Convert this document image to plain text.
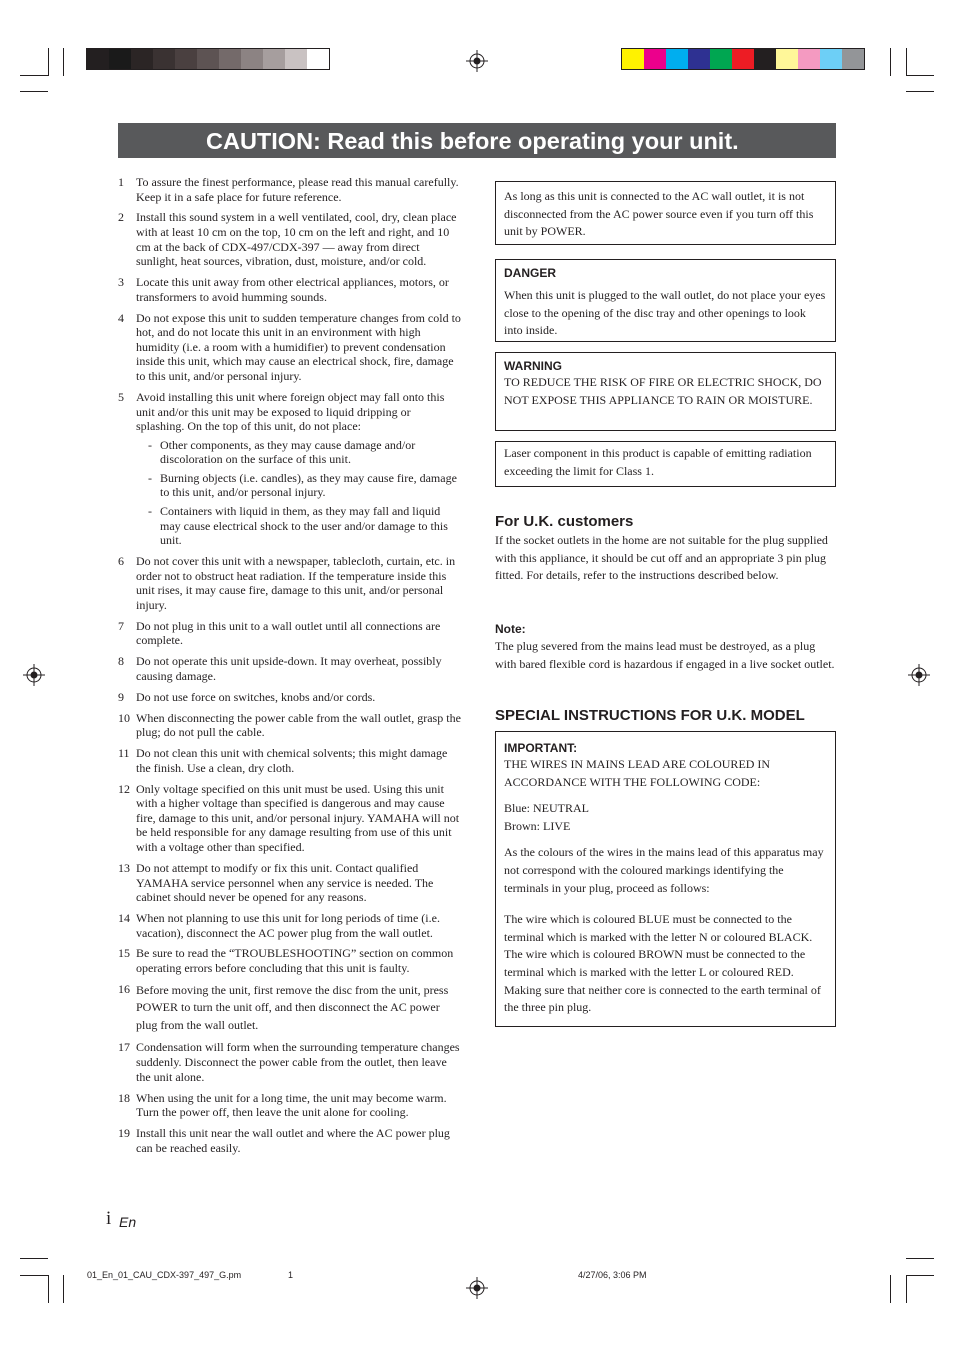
CAUTION: Read this before operating your unit.
1	To assure the finest performance, please read this manual carefully. Keep it in a safe place for future reference.
2	Install this sound system in a well ventilated, cool, dry, clean place with at least 10 cm on the top, 10 cm on the left and right, and 10 cm at the back of CDX-497/CDX-397 — away from direct sunlight, heat sources, vibration, dust, moisture, and/or cold.
3	Locate this unit away from other electrical appliances, motors, or transformers to avoid humming sounds.
4	Do not expose this unit to sudden temperature changes from cold to hot, and do not locate this unit in an environment with high humidity (i.e. a room with a humidifier) to prevent condensation inside this unit, which may cause an electrical shock, fire, damage to this unit, and/or personal injury.
5	Avoid installing this unit where foreign object may fall onto this unit and/or this unit may be exposed to liquid dripping or splashing. On the top of this unit, do not place:
- Other components, as they may cause damage and/or discoloration on the surface of this unit.
- Burning objects (i.e. candles), as they may cause fire, damage to this unit, and/or personal injury.
- Containers with liquid in them, as they may fall and liquid may cause electrical shock to the user and/or damage to this unit.
6	Do not cover this unit with a newspaper, tablecloth, curtain, etc. in order not to obstruct heat radiation. If the temperature inside this unit rises, it may cause fire, damage to this unit, and/or personal injury.
7	Do not plug in this unit to a wall outlet until all connections are complete.
8	Do not operate this unit upside-down. It may overheat, possibly causing damage.
9	Do not use force on switches, knobs and/or cords.
10 When disconnecting the power cable from the wall outlet, grasp the plug; do not pull the cable.
11 Do not clean this unit with chemical solvents; this might damage the finish. Use a clean, dry cloth.
12 Only voltage specified on this unit must be used. Using this unit with a higher voltage than specified is dangerous and may cause fire, damage to this unit, and/or personal injury. YAMAHA will not be held responsible for any damage resulting from use of this unit with a voltage other than specified.
13 Do not attempt to modify or fix this unit. Contact qualified YAMAHA service personnel when any service is needed. The cabinet should never be opened for any reasons.
14 When not planning to use this unit for long periods of time (i.e. vacation), disconnect the AC power plug from the wall outlet.
15 Be sure to read the “TROUBLESHOOTING” section on common operating errors before concluding that this unit is faulty.
16 Before moving the unit, first remove the disc from the unit, press POWER to turn the unit off, and then disconnect the AC power plug from the wall outlet.
17 Condensation will form when the surrounding temperature changes suddenly. Disconnect the power cable from the outlet, then leave the unit alone.
18 When using the unit for a long time, the unit may become warm. Turn the power off, then leave the unit alone for cooling.
19 Install this unit near the wall outlet and where the AC power plug can be reached easily.
As long as this unit is connected to the AC wall outlet, it is not disconnected from the AC power source even if you turn off this unit by POWER.
DANGER
When this unit is plugged to the wall outlet, do not place your eyes close to the opening of the disc tray and other openings to look into inside.
WARNING
TO REDUCE THE RISK OF FIRE OR ELECTRIC SHOCK, DO NOT EXPOSE THIS APPLIANCE TO RAIN OR MOISTURE.
Laser component in this product is capable of emitting radiation exceeding the limit for Class 1.
For U.K. customers
If the socket outlets in the home are not suitable for the plug supplied with this appliance, it should be cut off and an appropriate 3 pin plug fitted. For details, refer to the instructions described below.
Note:
The plug severed from the mains lead must be destroyed, as a plug with bared flexible cord is hazardous if engaged in a live socket outlet.
SPECIAL INSTRUCTIONS FOR U.K. MODEL
IMPORTANT:
THE WIRES IN MAINS LEAD ARE COLOURED IN ACCORDANCE WITH THE FOLLOWING CODE:
Blue: NEUTRAL
Brown: LIVE
As the colours of the wires in the mains lead of this apparatus may not correspond with the coloured markings identifying the terminals in your plug, proceed as follows:
The wire which is coloured BLUE must be connected to the terminal which is marked with the letter N or coloured BLACK. The wire which is coloured BROWN must be connected to the terminal which is marked with the letter L or coloured RED. Making sure that neither core is connected to the earth terminal of the three pin plug.
i En
01_En_01_CAU_CDX-397_497_G.pm	1	4/27/06, 3:06 PM
